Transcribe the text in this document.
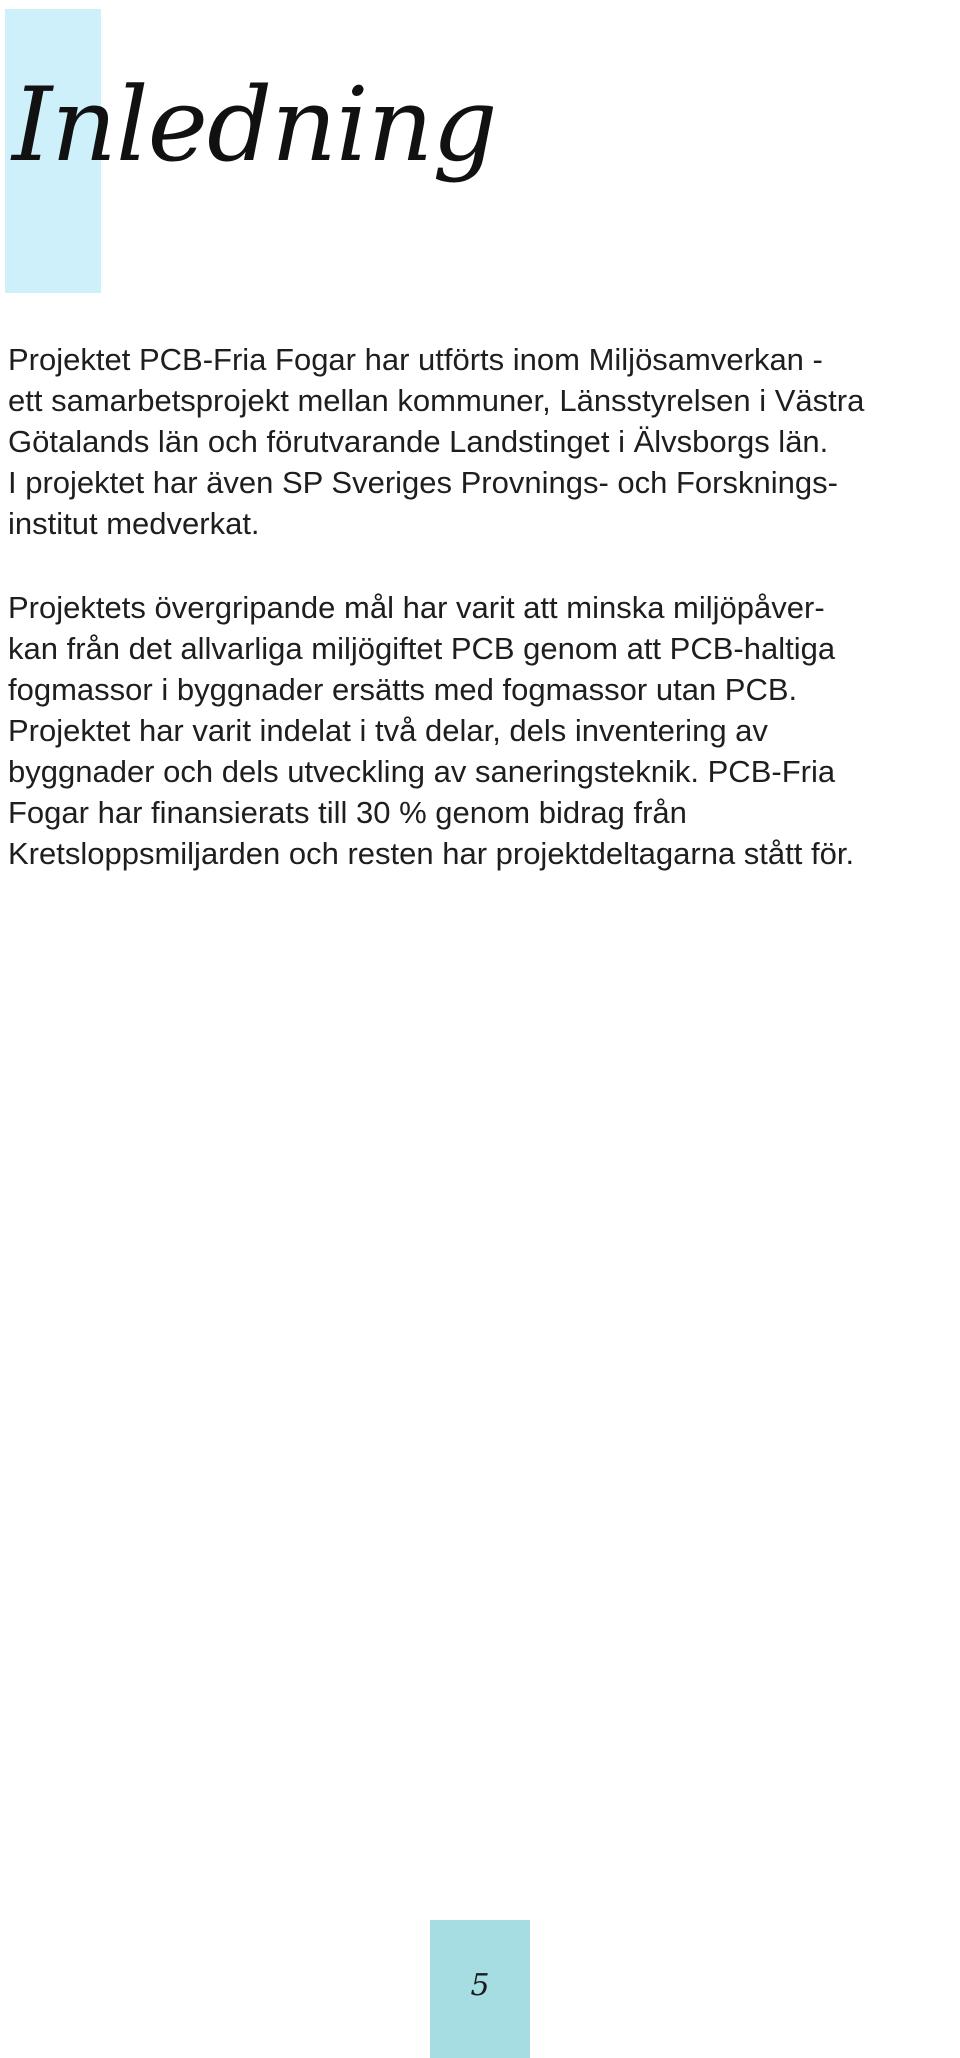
Inledning
Projektet PCB-Fria Fogar har utförts inom Miljösamverkan -
ett samarbetsprojekt mellan kommuner, Länsstyrelsen i Västra
Götalands län och förutvarande Landstinget i Älvsborgs län.
I projektet har även SP Sveriges Provnings- och Forsknings-
institut medverkat.
Projektets övergripande mål har varit att minska miljöpåver-
kan från det allvarliga miljögiftet PCB genom att PCB-haltiga
fogmassor i byggnader ersätts med fogmassor utan PCB.
Projektet har varit indelat i två delar, dels inventering av
byggnader och dels utveckling av saneringsteknik. PCB-Fria
Fogar har finansierats till 30 % genom bidrag från
Kretsloppsmiljarden och resten har projektdeltagarna stått för.
5
